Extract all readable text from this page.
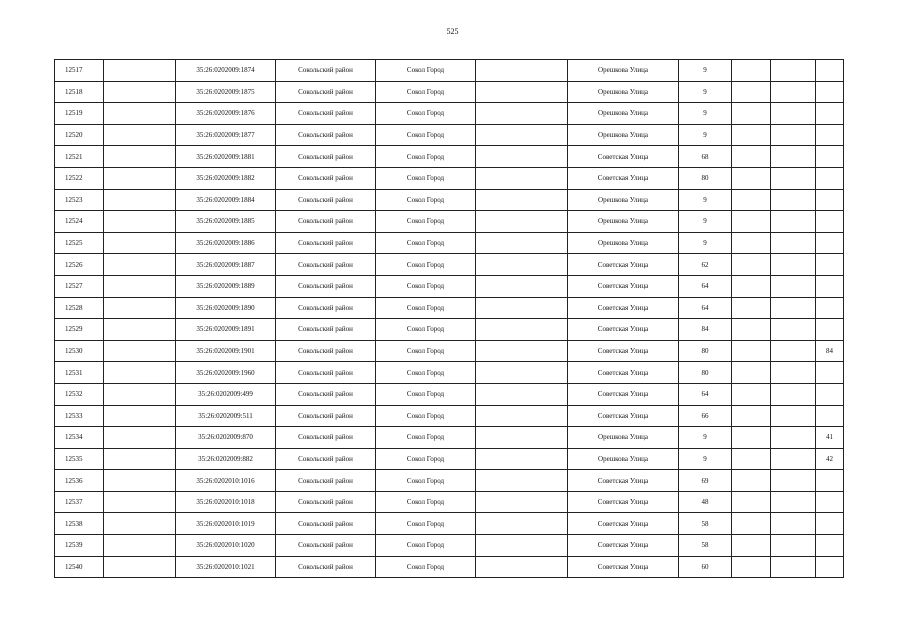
525
12517		35:26:0202009:1874	Сокольский район	Сокол Город		Орешкова Улица	9			
12518		35:26:0202009:1875	Сокольский район	Сокол Город		Орешкова Улица	9			
12519		35:26:0202009:1876	Сокольский район	Сокол Город		Орешкова Улица	9			
12520		35:26:0202009:1877	Сокольский район	Сокол Город		Орешкова Улица	9			
12521		35:26:0202009:1881	Сокольский район	Сокол Город		Советская Улица	68			
12522		35:26:0202009:1882	Сокольский район	Сокол Город		Советская Улица	80			
12523		35:26:0202009:1884	Сокольский район	Сокол Город		Орешкова Улица	9			
12524		35:26:0202009:1885	Сокольский район	Сокол Город		Орешкова Улица	9			
12525		35:26:0202009:1886	Сокольский район	Сокол Город		Орешкова Улица	9			
12526		35:26:0202009:1887	Сокольский район	Сокол Город		Советская Улица	62			
12527		35:26:0202009:1889	Сокольский район	Сокол Город		Советская Улица	64			
12528		35:26:0202009:1890	Сокольский район	Сокол Город		Советская Улица	64			
12529		35:26:0202009:1891	Сокольский район	Сокол Город		Советская Улица	84			
12530		35:26:0202009:1901	Сокольский район	Сокол Город		Советская Улица	80			84
12531		35:26:0202009:1960	Сокольский район	Сокол Город		Советская Улица	80			
12532		35:26:0202009:499	Сокольский район	Сокол Город		Советская Улица	64			
12533		35:26:0202009:511	Сокольский район	Сокол Город		Советская Улица	66			
12534		35:26:0202009:870	Сокольский район	Сокол Город		Орешкова Улица	9			41
12535		35:26:0202009:882	Сокольский район	Сокол Город		Орешкова Улица	9			42
12536		35:26:0202010:1016	Сокольский район	Сокол Город		Советская Улица	69			
12537		35:26:0202010:1018	Сокольский район	Сокол Город		Советская Улица	48			
12538		35:26:0202010:1019	Сокольский район	Сокол Город		Советская Улица	58			
12539		35:26:0202010:1020	Сокольский район	Сокол Город		Советская Улица	58			
12540		35:26:0202010:1021	Сокольский район	Сокол Город		Советская Улица	60			
